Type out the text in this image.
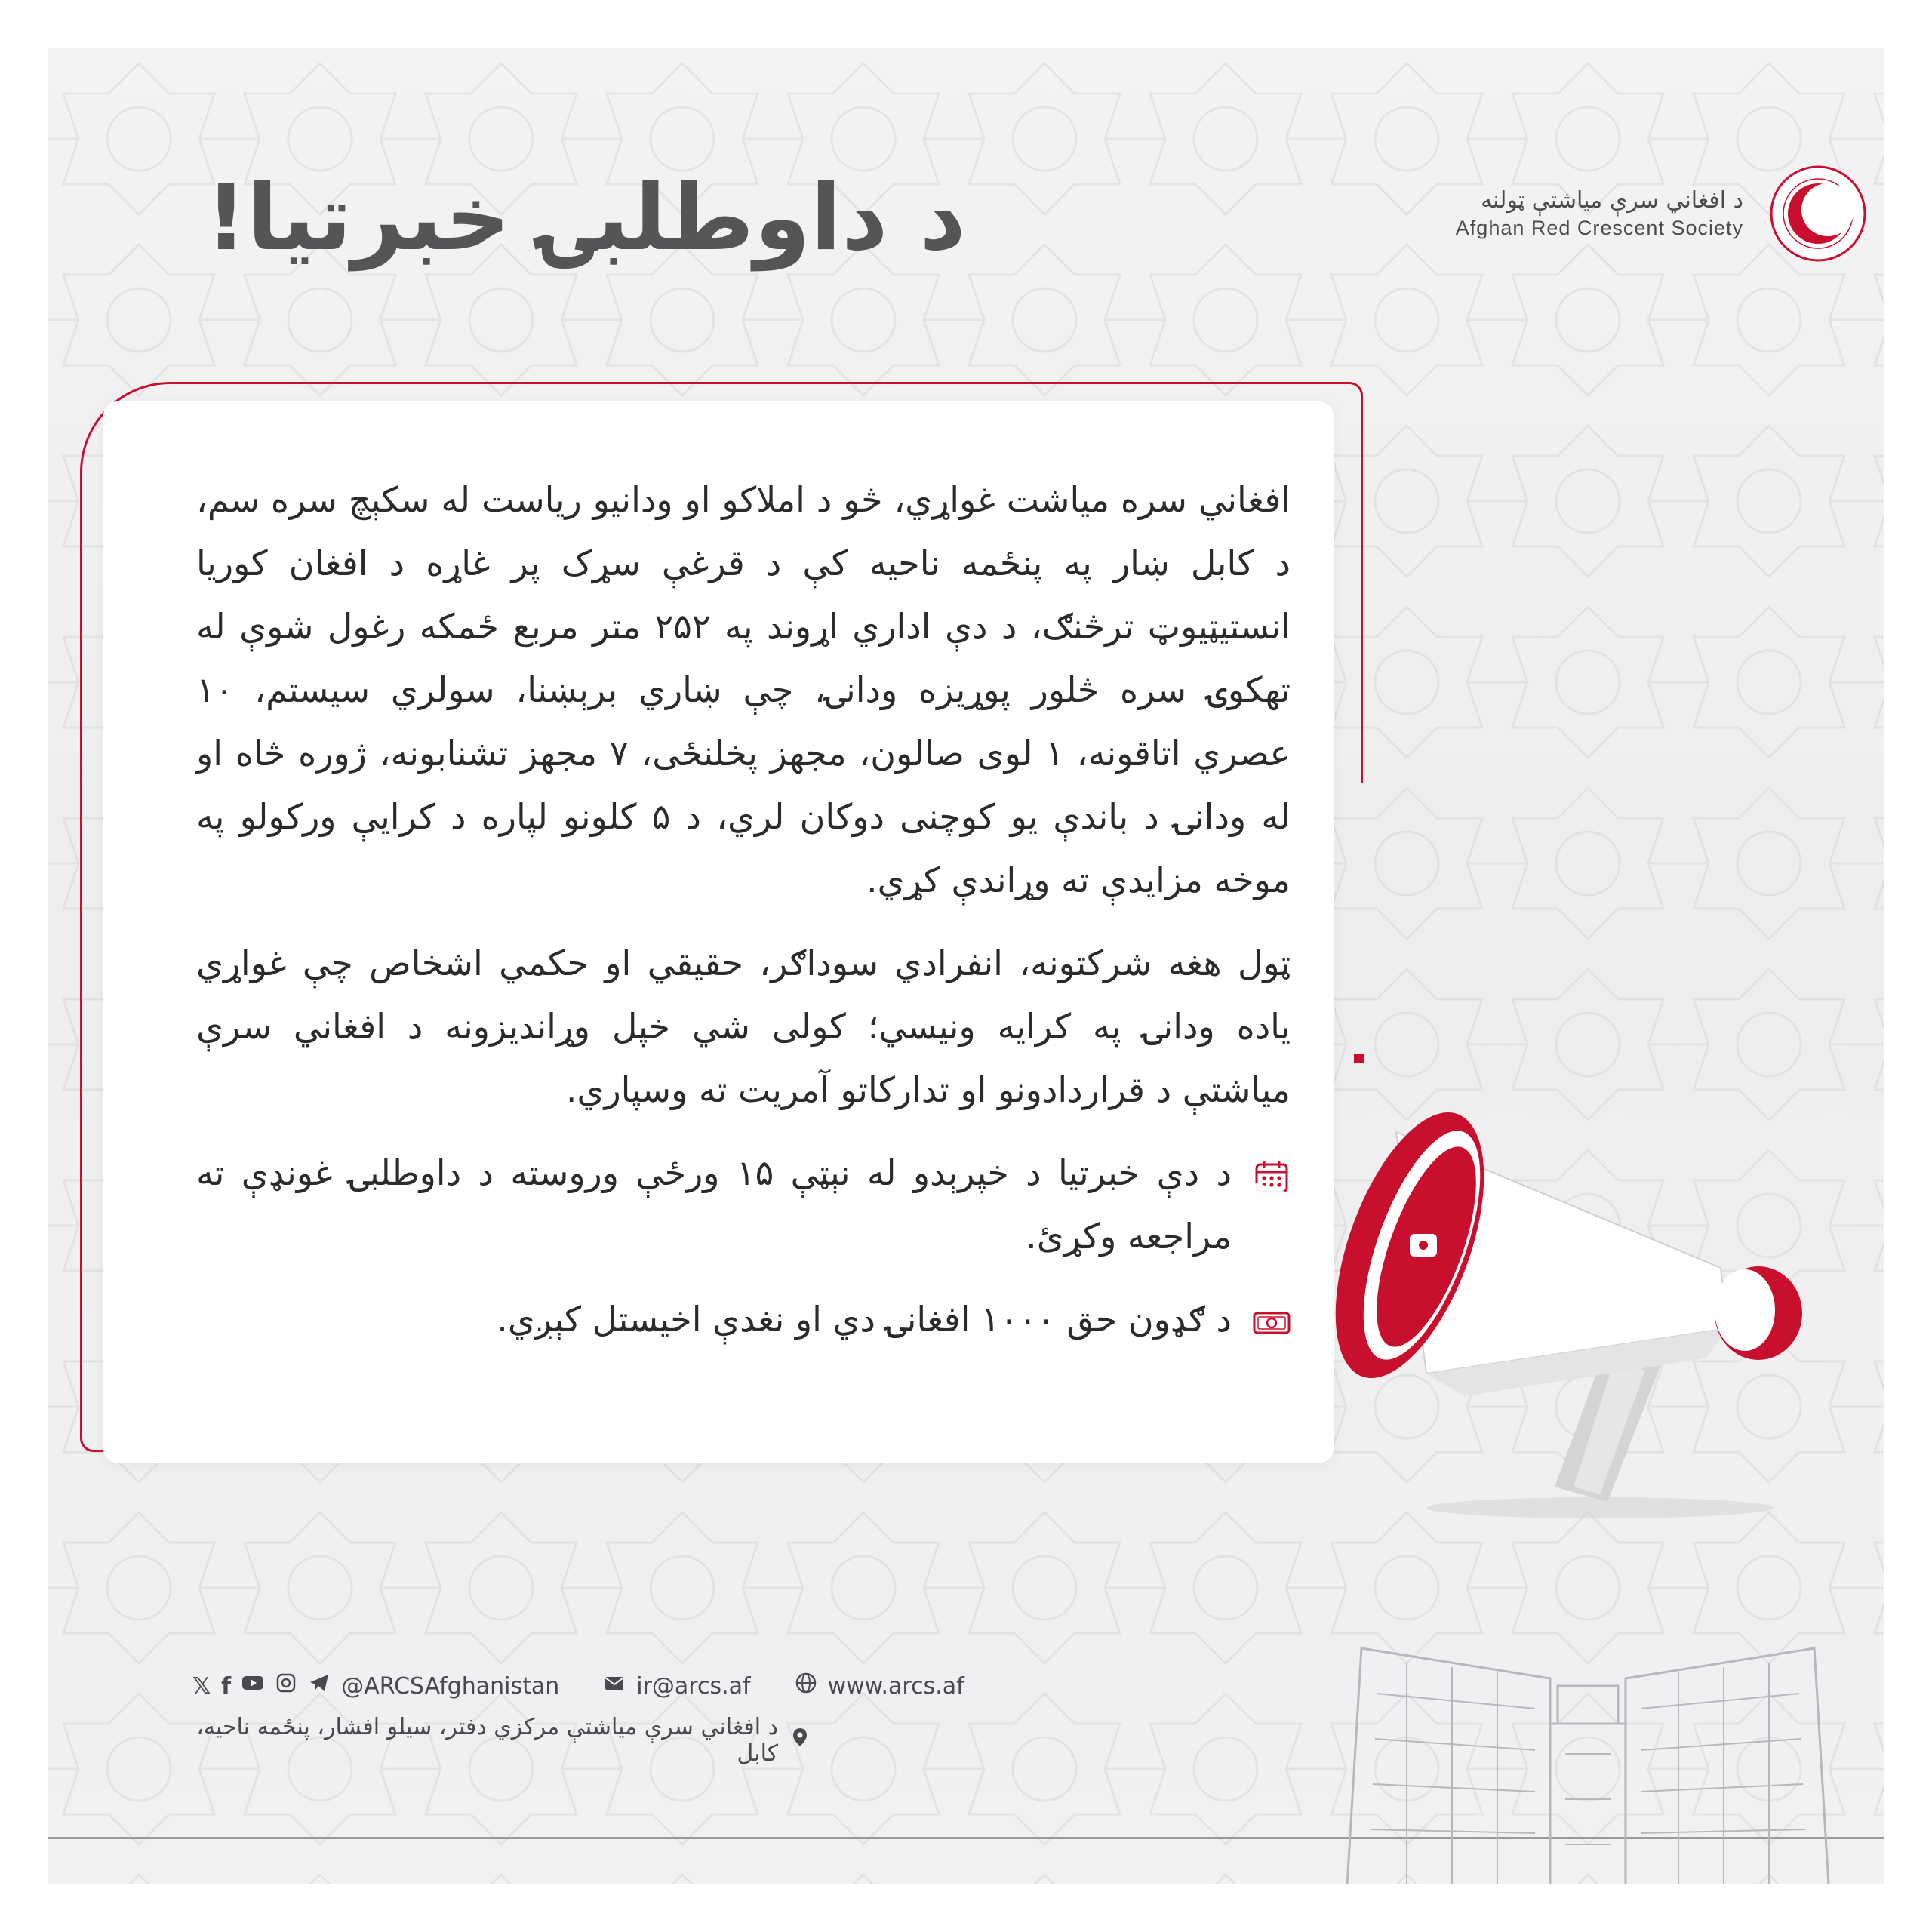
د داوطلبۍ خبرتیا!	د افغاني سرې میاشتې ټولنه
Afghan Red Crescent Society

افغاني سره میاشت غواړي، څو د املاکو او ودانیو ریاست له سکېچ سره سم، د کابل ښار په پنځمه ناحیه کې د قرغې سړک پر غاړه د افغان کوریا انستیټیوټ ترڅنګ، د دې اداري اړوند په ۲۵۲ متر مربع ځمکه رغول شوې له تهکوۍ سره څلور پوړیزه ودانۍ، چې ښاري برېښنا، سولري سیستم، ۱۰ عصري اتاقونه، ۱ لوی صالون، مجهز پخلنځی، ۷ مجهز تشنابونه، ژوره څاه او له ودانۍ د باندې یو کوچنی دوکان لري، د ۵ کلونو لپاره د کرایې ورکولو په موخه مزایدې ته وړاندې کړي.

ټول هغه شرکتونه، انفرادي سوداګر، حقیقي او حکمي اشخاص چې غواړي یاده ودانۍ په کرایه ونیسي؛ کولی شي خپل وړاندیزونه د افغاني سرې میاشتې د قراردادونو او تدارکاتو آمریت ته وسپاري.

د دې خبرتیا د خپرېدو له نېټې ۱۵ ورځې وروسته د داوطلبۍ غونډې ته مراجعه وکړئ.
د ګډون حق ۱۰۰۰ افغانۍ دي او نغدې اخیستل کېږي.
𝕏 f	@ARCSAfghanistan	ir@arcs.af	www.arcs.af
د افغاني سرې میاشتې مرکزي دفتر، سیلو افشار، پنځمه ناحیه، کابل
